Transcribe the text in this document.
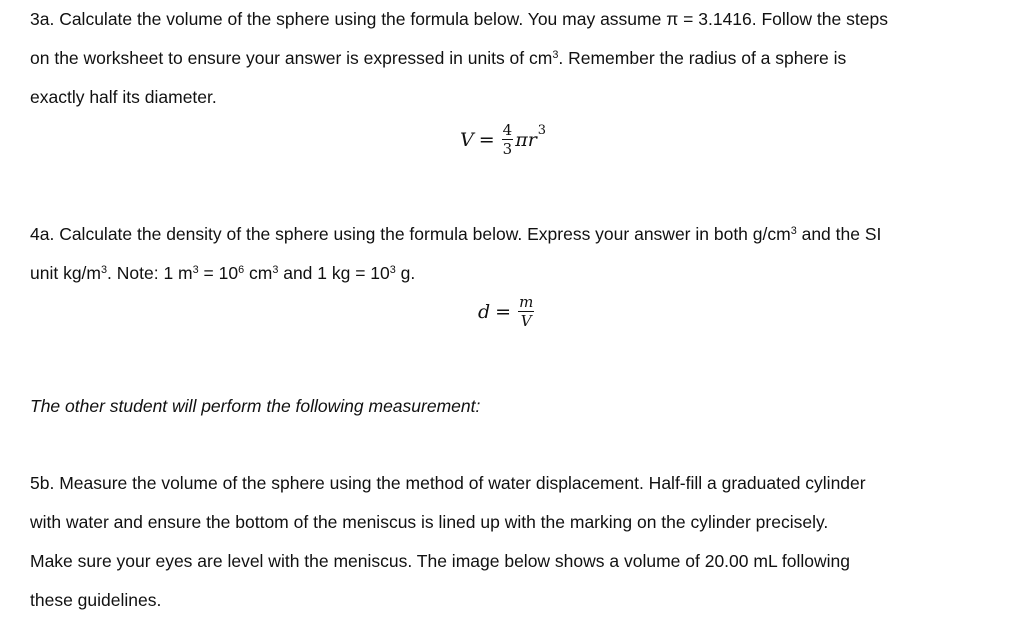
3a. Calculate the volume of the sphere using the formula below. You may assume π = 3.1416. Follow the steps
on the worksheet to ensure your answer is expressed in units of $cm^3$. Remember the radius of a sphere is
exactly half its diameter.
$V = \frac{4}{3}$ π r 3
4a. Calculate the density of the sphere using the formula below. Express your answer in both $g/cm^3$ and the SI
unit $kg/m^3$. Note: 1 $m^3 = 10^6$ $cm^3$ and 1 kg = $10^3$ g.
$d = \frac{m}{V}$
The other student will perform the following measurement:
5b. Measure the volume of the sphere using the method of water displacement. Half-fill a graduated cylinder
with water and ensure the bottom of the meniscus is lined up with the marking on the cylinder precisely.
Make sure your eyes are level with the meniscus. The image below shows a volume of 20.00 mL following
these guidelines.
